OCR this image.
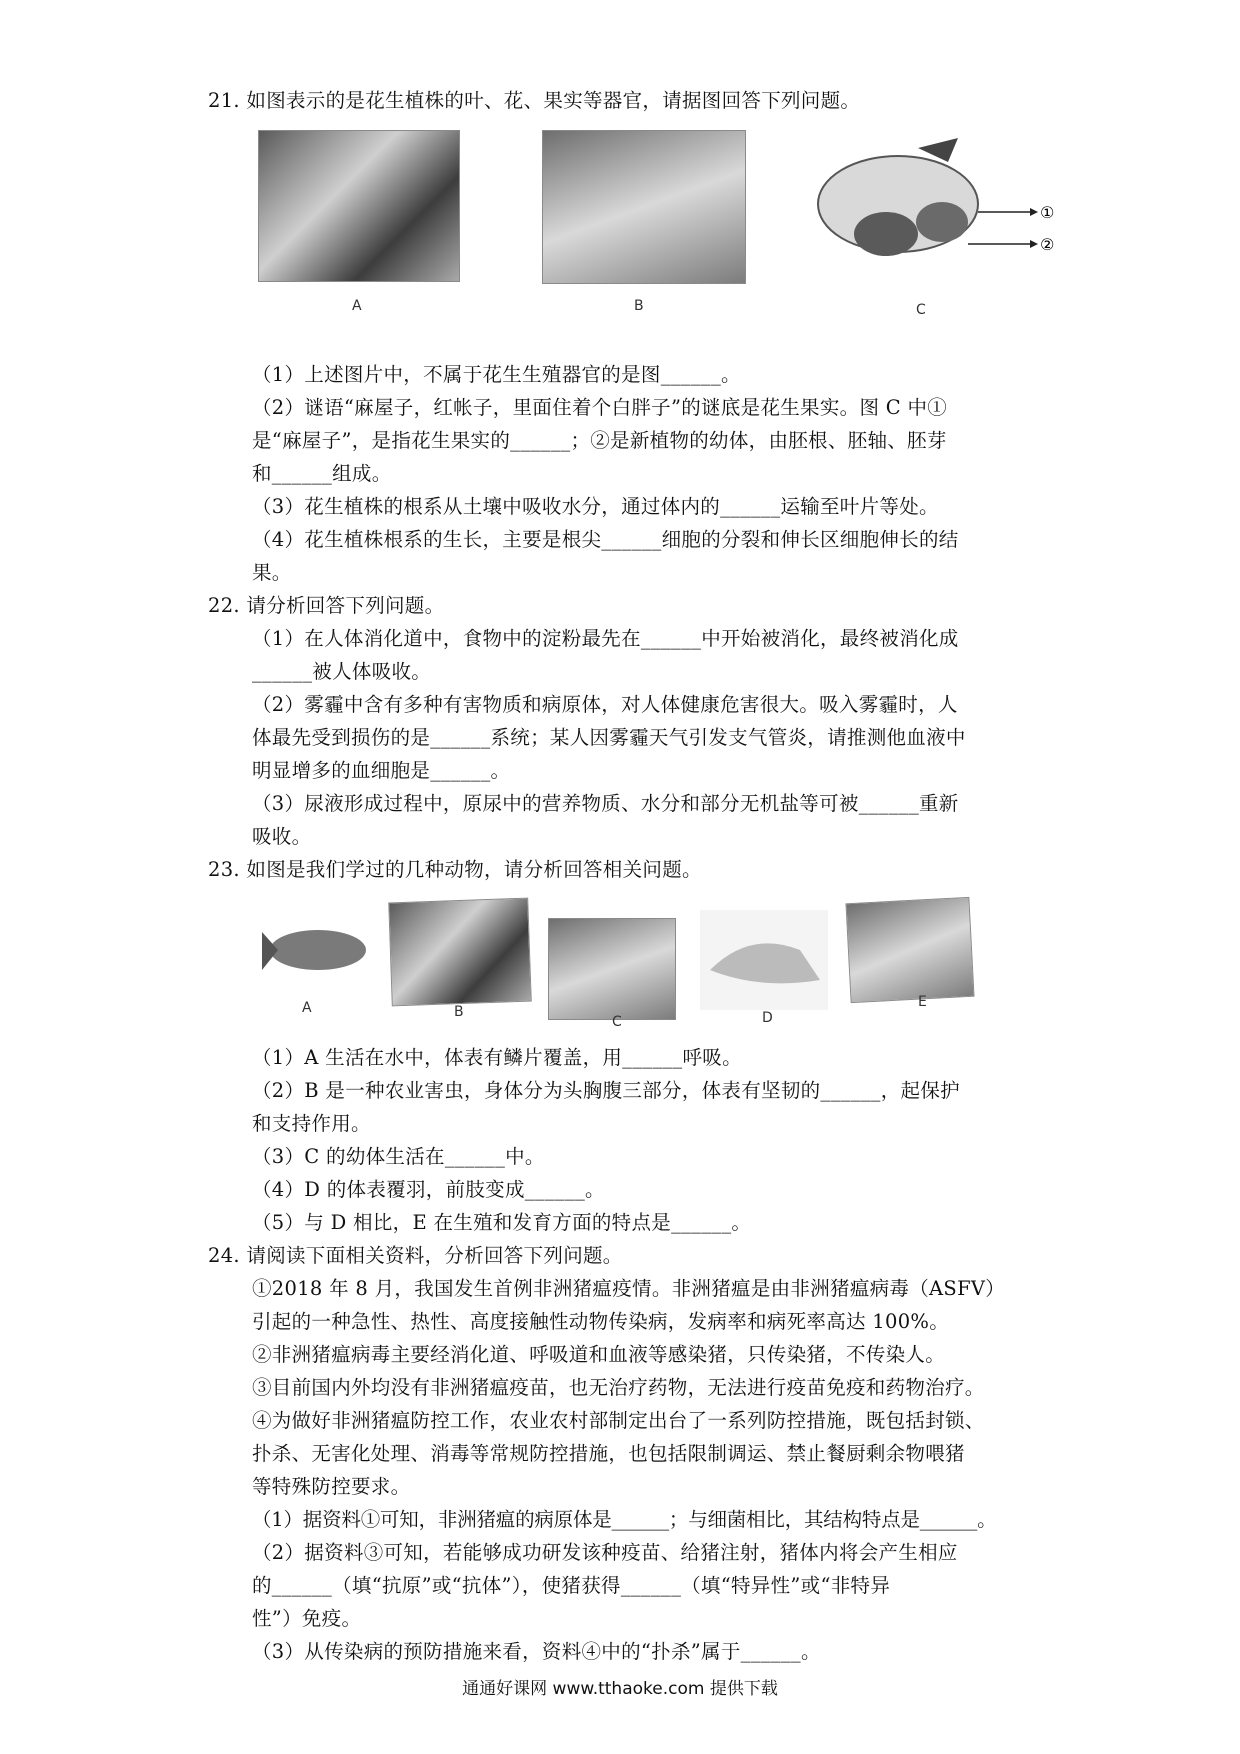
21. 如图表示的是花生植株的叶、花、果实等器官，请据图回答下列问题。
①
②
A	B	C
（1）上述图片中，不属于花生生殖器官的是图______。
（2）谜语“麻屋子，红帐子，里面住着个白胖子”的谜底是花生果实。图 C 中①
是“麻屋子”，是指花生果实的______；②是新植物的幼体，由胚根、胚轴、胚芽
和______组成。
（3）花生植株的根系从土壤中吸收水分，通过体内的______运输至叶片等处。
（4）花生植株根系的生长，主要是根尖______细胞的分裂和伸长区细胞伸长的结
果。
22. 请分析回答下列问题。
（1）在人体消化道中，食物中的淀粉最先在______中开始被消化，最终被消化成
______被人体吸收。
（2）雾霾中含有多种有害物质和病原体，对人体健康危害很大。吸入雾霾时，人
体最先受到损伤的是______系统；某人因雾霾天气引发支气管炎，请推测他血液中
明显增多的血细胞是______。
（3）尿液形成过程中，原尿中的营养物质、水分和部分无机盐等可被______重新
吸收。
23. 如图是我们学过的几种动物，请分析回答相关问题。
A	B
C	D
E
（1）A 生活在水中，体表有鳞片覆盖，用______呼吸。
（2）B 是一种农业害虫，身体分为头胸腹三部分，体表有坚韧的______，起保护
和支持作用。
（3）C 的幼体生活在______中。
（4）D 的体表覆羽，前肢变成______。
（5）与 D 相比，E 在生殖和发育方面的特点是______。
24. 请阅读下面相关资料，分析回答下列问题。
①2018 年 8 月，我国发生首例非洲猪瘟疫情。非洲猪瘟是由非洲猪瘟病毒（ASFV）
引起的一种急性、热性、高度接触性动物传染病，发病率和病死率高达 100%。
②非洲猪瘟病毒主要经消化道、呼吸道和血液等感染猪，只传染猪，不传染人。
③目前国内外均没有非洲猪瘟疫苗，也无治疗药物，无法进行疫苗免疫和药物治疗。
④为做好非洲猪瘟防控工作，农业农村部制定出台了一系列防控措施，既包括封锁、
扑杀、无害化处理、消毒等常规防控措施，也包括限制调运、禁止餐厨剩余物喂猪
等特殊防控要求。
（1）据资料①可知，非洲猪瘟的病原体是______；与细菌相比，其结构特点是______。
（2）据资料③可知，若能够成功研发该种疫苗、给猪注射，猪体内将会产生相应
的______（填“抗原”或“抗体”），使猪获得______（填“特异性”或“非特异
性”）免疫。
（3）从传染病的预防措施来看，资料④中的“扑杀”属于______。
通通好课网 www.tthaoke.com 提供下载
